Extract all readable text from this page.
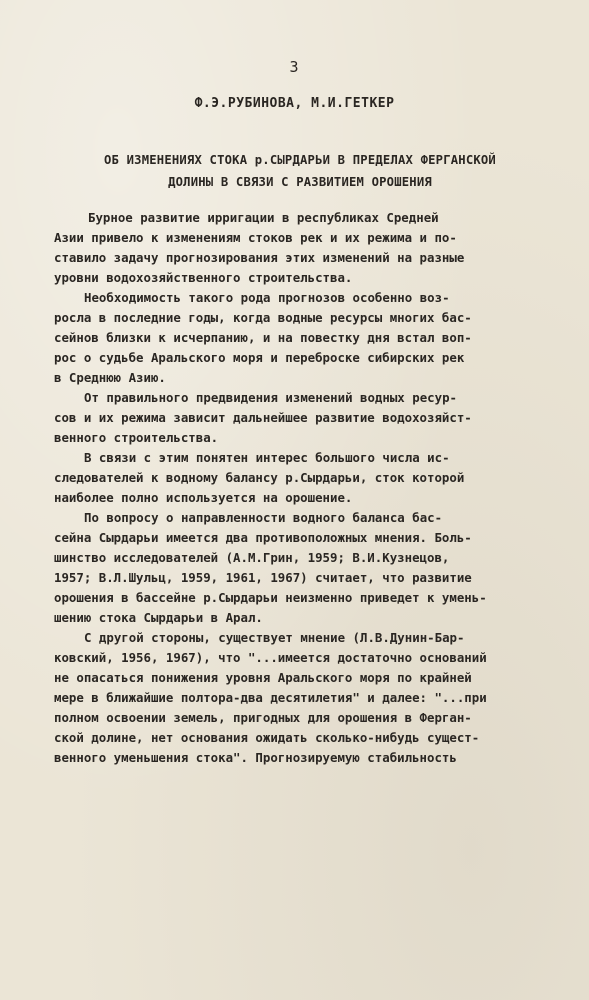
3
Ф.Э.РУБИНОВА, М.И.ГЕТКЕР
ОБ ИЗМЕНЕНИЯХ СТОКА р.СЫРДАРЬИ В ПРЕДЕЛАХ ФЕРГАНСКОЙ
ДОЛИНЫ В СВЯЗИ С РАЗВИТИЕМ ОРОШЕНИЯ
Бурное развитие ирригации в республиках Средней
Азии привело к изменениям стоков рек и их режима и по-
ставило задачу прогнозирования этих изменений на разные
уровни водохозяйственного строительства.
Необходимость такого рода прогнозов особенно воз-
росла в последние годы, когда водные ресурсы многих бас-
сейнов близки к исчерпанию, и на повестку дня встал воп-
рос о судьбе Аральского моря и переброске сибирских рек
в Среднюю Азию.
От правильного предвидения изменений водных ресур-
сов и их режима зависит дальнейшее развитие водохозяйст-
венного строительства.
В связи с этим понятен интерес большого числа ис-
следователей к водному балансу р.Сырдарьи, сток которой
наиболее полно используется на орошение.
По вопросу о направленности водного баланса бас-
сейна Сырдарьи имеется два противоположных мнения. Боль-
шинство исследователей (А.М.Грин, 1959; В.И.Кузнецов,
1957; В.Л.Шульц, 1959, 1961, 1967) считает, что развитие
орошения в бассейне р.Сырдарьи неизменно приведет к умень-
шению стока Сырдарьи в Арал.
С другой стороны, существует мнение (Л.В.Дунин-Бар-
ковский, 1956, 1967), что "...имеется достаточно оснований
не опасаться понижения уровня Аральского моря по крайней
мере в ближайшие полтора-два десятилетия" и далее: "...при
полном освоении земель, пригодных для орошения в Ферган-
ской долине, нет основания ожидать сколько-нибудь сущест-
венного уменьшения стока". Прогнозируемую стабильность
